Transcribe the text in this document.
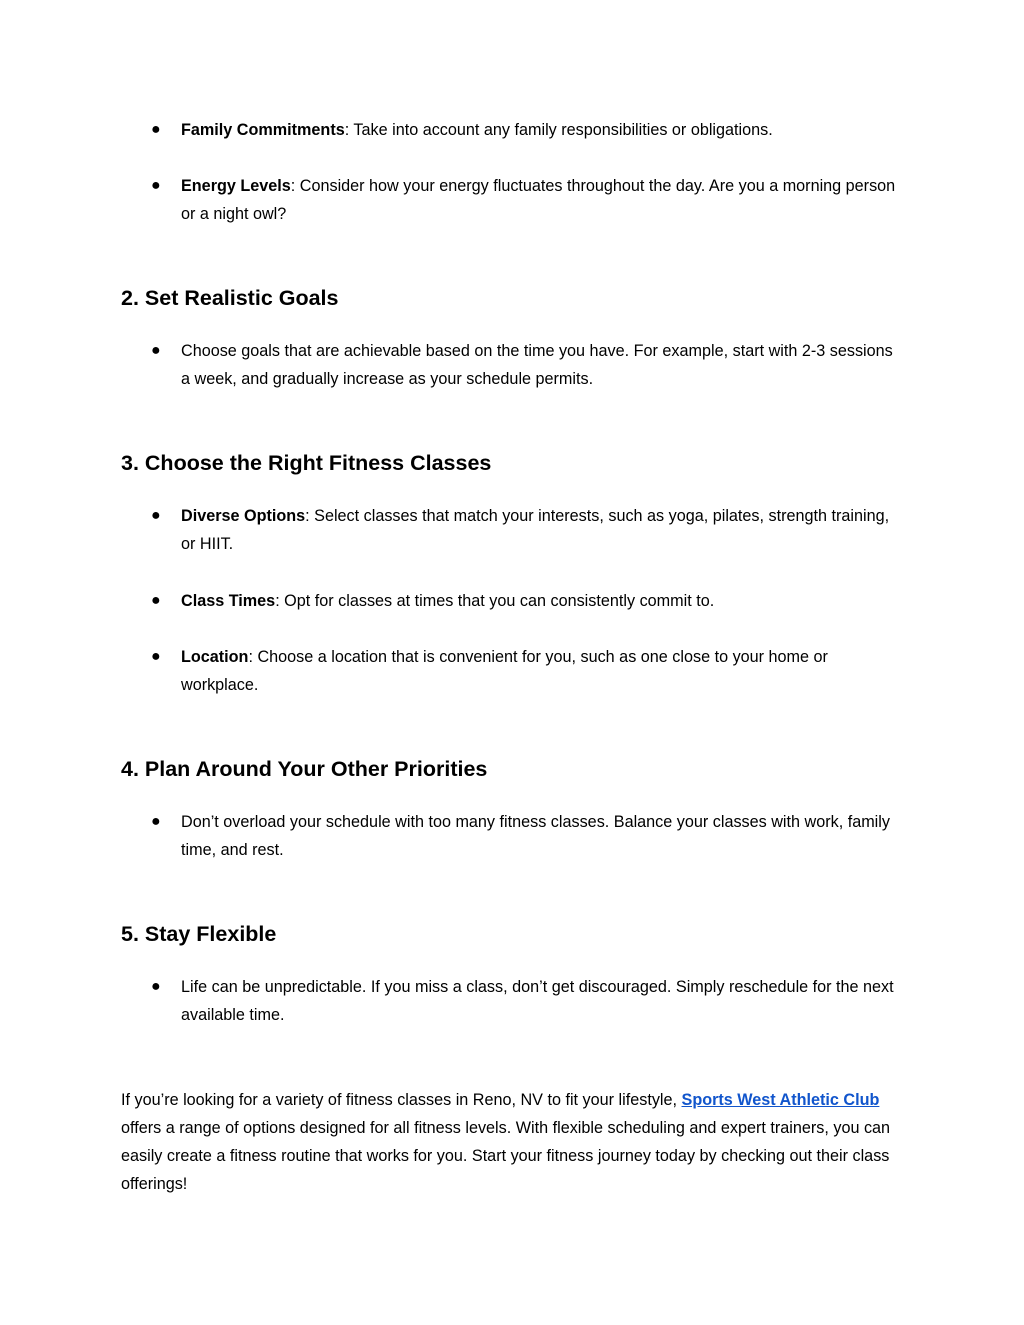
● Family Commitments: Take into account any family responsibilities or obligations.
● Energy Levels: Consider how your energy fluctuates throughout the day. Are you a morning person or a night owl?
2. Set Realistic Goals
● Choose goals that are achievable based on the time you have. For example, start with 2-3 sessions a week, and gradually increase as your schedule permits.
3. Choose the Right Fitness Classes
● Diverse Options: Select classes that match your interests, such as yoga, pilates, strength training, or HIIT.
● Class Times: Opt for classes at times that you can consistently commit to.
● Location: Choose a location that is convenient for you, such as one close to your home or workplace.
4. Plan Around Your Other Priorities
● Don’t overload your schedule with too many fitness classes. Balance your classes with work, family time, and rest.
5. Stay Flexible
● Life can be unpredictable. If you miss a class, don’t get discouraged. Simply reschedule for the next available time.

If you’re looking for a variety of fitness classes in Reno, NV to fit your lifestyle, Sports West Athletic Club offers a range of options designed for all fitness levels. With flexible scheduling and expert trainers, you can easily create a fitness routine that works for you. Start your fitness journey today by checking out their class offerings!
